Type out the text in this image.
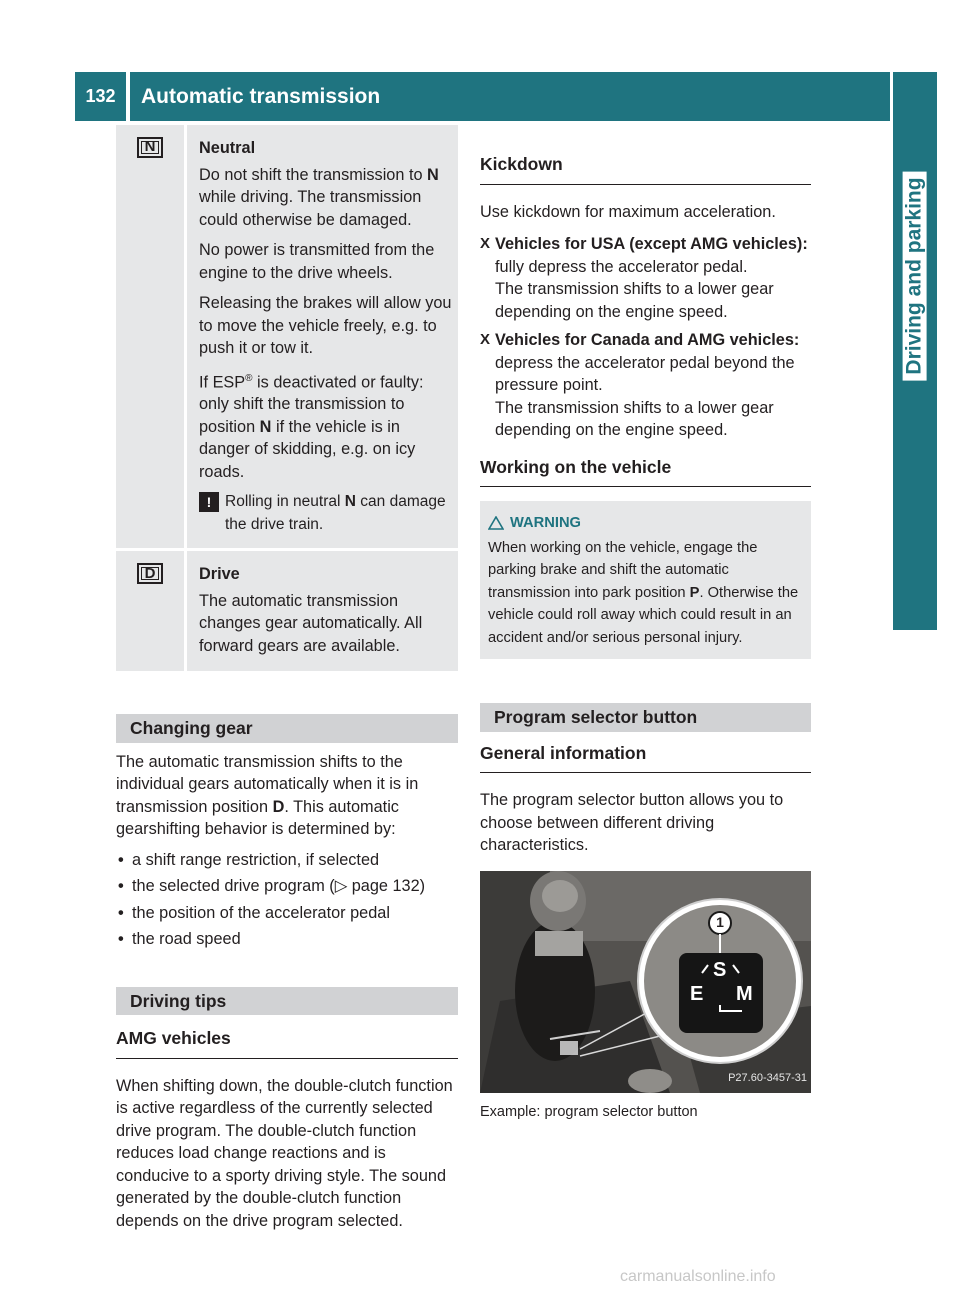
132	Automatic transmission
Driving and parking
N	Neutral

Do not shift the transmission to N while driving. The transmission could otherwise be damaged.

No power is transmitted from the engine to the drive wheels.

Releasing the brakes will allow you to move the vehicle freely, e.g. to push it or tow it.

If ESP® is deactivated or faulty: only shift the transmission to position N if the vehicle is in danger of skidding, e.g. on icy roads.

! Rolling in neutral N can damage the drive train.
D	Drive

The automatic transmission changes gear automatically. All forward gears are available.

Changing gear

The automatic transmission shifts to the individual gears automatically when it is in transmission position D. This automatic gearshifting behavior is determined by:

• a shift range restriction, if selected
• the selected drive program (▷ page 132)
• the position of the accelerator pedal
• the road speed
Driving tips
AMG vehicles

When shifting down, the double-clutch function is active regardless of the currently selected drive program. The double-clutch function reduces load change reactions and is conducive to a sporty driving style. The sound generated by the double-clutch function depends on the drive program selected.

Kickdown

Use kickdown for maximum acceleration.

X Vehicles for USA (except AMG vehicles): fully depress the accelerator pedal.
The transmission shifts to a lower gear depending on the engine speed.
X Vehicles for Canada and AMG vehicles: depress the accelerator pedal beyond the pressure point.
The transmission shifts to a lower gear depending on the engine speed.
Working on the vehicle
WARNING
When working on the vehicle, engage the parking brake and shift the automatic transmission into park position P. Otherwise the vehicle could roll away which could result in an accident and/or serious personal injury.
Program selector button
General information

The program selector button allows you to choose between different driving characteristics.

1
S
E M
P27.60-3457-31
Example: program selector button
carmanualsonline.info
